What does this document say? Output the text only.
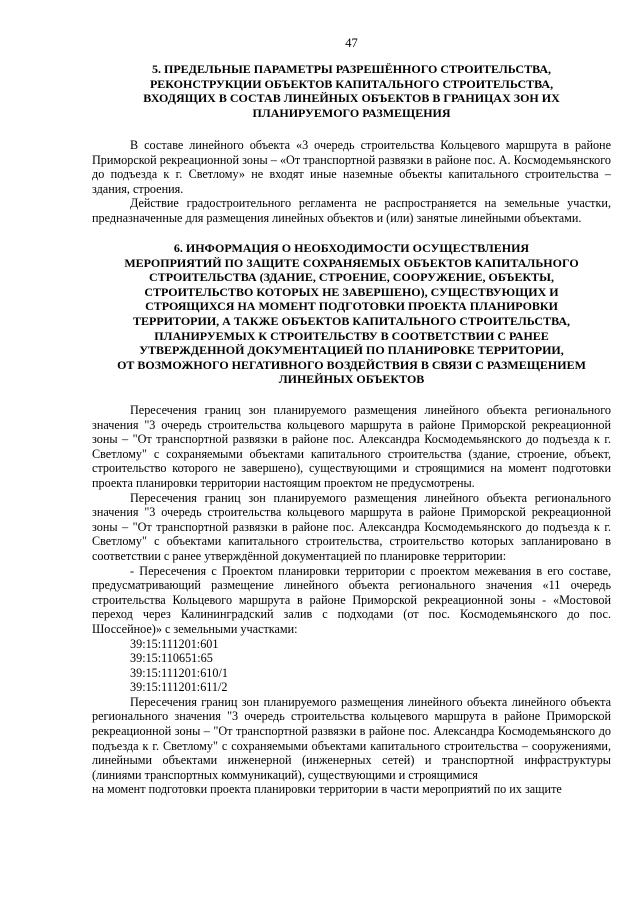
47
5. ПРЕДЕЛЬНЫЕ ПАРАМЕТРЫ РАЗРЕШЁННОГО СТРОИТЕЛЬСТВА,
РЕКОНСТРУКЦИИ ОБЪЕКТОВ КАПИТАЛЬНОГО СТРОИТЕЛЬСТВА,
ВХОДЯЩИХ В СОСТАВ ЛИНЕЙНЫХ ОБЪЕКТОВ В ГРАНИЦАХ ЗОН ИХ
ПЛАНИРУЕМОГО РАЗМЕЩЕНИЯ

В составе линейного объекта «3 очередь строительства Кольцевого маршрута в районе Приморской рекреационной зоны – «От транспортной развязки в районе пос. А. Космодемьянского до подъезда к г. Светлому» не входят иные наземные объекты капитального строительства – здания, строения.

Действие градостроительного регламента не распространяется на земельные участки, предназначенные для размещения линейных объектов и (или) занятые линейными объектами.

6. ИНФОРМАЦИЯ О НЕОБХОДИМОСТИ ОСУЩЕСТВЛЕНИЯ
МЕРОПРИЯТИЙ ПО ЗАЩИТЕ СОХРАНЯЕМЫХ ОБЪЕКТОВ КАПИТАЛЬНОГО
СТРОИТЕЛЬСТВА (ЗДАНИЕ, СТРОЕНИЕ, СООРУЖЕНИЕ, ОБЪЕКТЫ,
СТРОИТЕЛЬСТВО КОТОРЫХ НЕ ЗАВЕРШЕНО), СУЩЕСТВУЮЩИХ И
СТРОЯЩИХСЯ НА МОМЕНТ ПОДГОТОВКИ ПРОЕКТА ПЛАНИРОВКИ
ТЕРРИТОРИИ, А ТАКЖЕ ОБЪЕКТОВ КАПИТАЛЬНОГО СТРОИТЕЛЬСТВА,
ПЛАНИРУЕМЫХ К СТРОИТЕЛЬСТВУ В СООТВЕТСТВИИ С РАНЕЕ
УТВЕРЖДЕННОЙ ДОКУМЕНТАЦИЕЙ ПО ПЛАНИРОВКЕ ТЕРРИТОРИИ,
ОТ ВОЗМОЖНОГО НЕГАТИВНОГО ВОЗДЕЙСТВИЯ В СВЯЗИ С РАЗМЕЩЕНИЕМ
ЛИНЕЙНЫХ ОБЪЕКТОВ

Пересечения границ зон планируемого размещения линейного объекта регионального значения "3 очередь строительства кольцевого маршрута в районе Приморской рекреационной зоны – "От транспортной развязки в районе пос. Александра Космодемьянского до подъезда к г. Светлому" с сохраняемыми объектами капитального строительства (здание, строение, объект, строительство которого не завершено), существующими и строящимися на момент подготовки проекта планировки территории настоящим проектом не предусмотрены.

Пересечения границ зон планируемого размещения линейного объекта регионального значения "3 очередь строительства кольцевого маршрута в районе Приморской рекреационной зоны – "От транспортной развязки в районе пос. Александра Космодемьянского до подъезда к г. Светлому" с объектами капитального строительства, строительство которых запланировано в соответствии с ранее утверждённой документацией по планировке территории:

- Пересечения с Проектом планировки территории с проектом межевания в его составе, предусматривающий размещение линейного объекта регионального значения «11 очередь строительства Кольцевого маршрута в районе Приморской рекреационной зоны - «Мостовой переход через Калининградский залив с подходами (от пос. Космодемьянского до пос. Шоссейное)» с земельными участками:

39:15:111201:601
39:15:110651:65
39:15:111201:610/1
39:15:111201:611/2

Пересечения границ зон планируемого размещения линейного объекта линейного объекта регионального значения "3 очередь строительства кольцевого маршрута в районе Приморской рекреационной зоны – "От транспортной развязки в районе пос. Александра Космодемьянского до подъезда к г. Светлому" с сохраняемыми объектами капитального строительства – сооружениями, линейными объектами инженерной (инженерных сетей) и транспортной инфраструктуры (линиями транспортных коммуникаций), существующими и строящимися

на момент подготовки проекта планировки территории в части мероприятий по их защите
